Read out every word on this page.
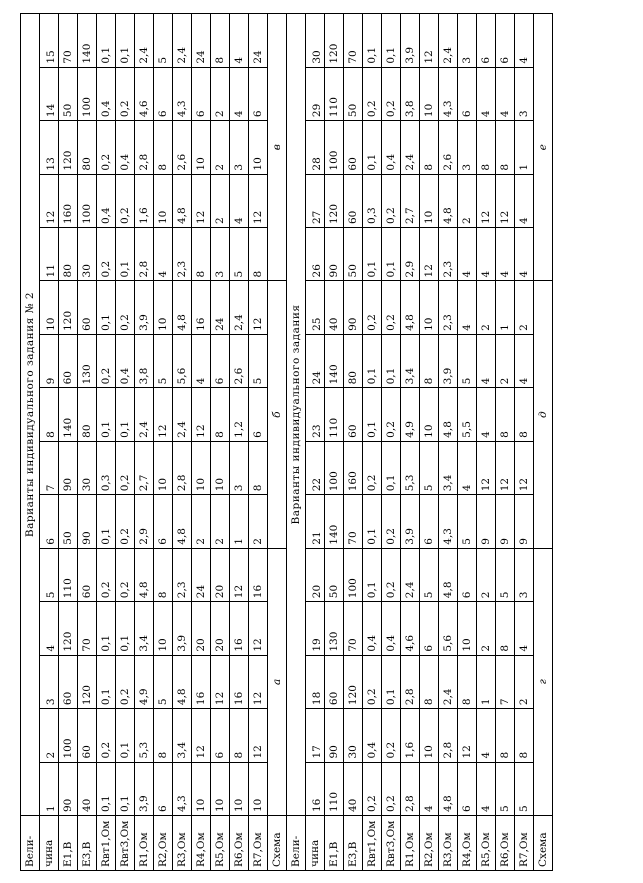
Вели-	Варианты индивидуального задания № 2														
чина	1	2	3	4	5	6	7	8	9	10	11	12	13	14	15
E1,В	90	100	60	120	110	50	90	140	60	120	80	160	120	50	70
E3,В	40	60	120	70	60	90	30	80	130	60	30	100	80	100	140
Rвт1,Ом	0,1	0,2	0,1	0,1	0,2	0,1	0,3	0,1	0,2	0,1	0,2	0,4	0,2	0,4	0,1
Rвт3,Ом	0,1	0,1	0,2	0,1	0,2	0,2	0,2	0,1	0,4	0,2	0,1	0,2	0,4	0,2	0,1
R1,Ом	3,9	5,3	4,9	3,4	4,8	2,9	2,7	2,4	3,8	3,9	2,8	1,6	2,8	4,6	2,4
R2,Ом	6	8	5	10	8	6	10	12	5	10	4	10	8	6	5
R3,Ом	4,3	3,4	4,8	3,9	2,3	4,8	2,8	2,4	5,6	4,8	2,3	4,8	2,6	4,3	2,4
R4,Ом	10	12	16	20	24	2	10	12	4	16	8	12	10	6	24
R5,Ом	10	6	12	20	20	2	10	8	6	24	3	2	2	2	8
R6,Ом	10	8	16	16	12	1	3	1,2	2,6	2,4	5	4	3	4	4
R7,Ом	10	12	12	12	16	2	8	6	5	12	8	12	10	6	24
Схема	а					б					в				
Вели-	Варианты индивидуального задания														
чина	16	17	18	19	20	21	22	23	24	25	26	27	28	29	30
E1,В	110	90	60	130	50	140	100	110	140	40	90	120	100	110	120
E3,В	40	30	120	70	100	70	160	60	80	90	50	60	60	50	70
Rвт1,Ом	0,2	0,4	0,2	0,4	0,1	0,1	0,2	0,1	0,1	0,2	0,1	0,3	0,1	0,2	0,1
Rвт3,Ом	0,2	0,2	0,1	0,4	0,2	0,2	0,1	0,2	0,1	0,2	0,1	0,2	0,4	0,2	0,1
R1,Ом	2,8	1,6	2,8	4,6	2,4	3,9	5,3	4,9	3,4	4,8	2,9	2,7	2,4	3,8	3,9
R2,Ом	4	10	8	6	5	6	5	10	8	10	12	10	8	10	12
R3,Ом	4,8	2,8	2,4	5,6	4,8	4,3	3,4	4,8	3,9	2,3	2,3	4,8	2,6	4,3	2,4
R4,Ом	6	12	8	10	6	5	4	5,5	5	4	4	2	3	6	3
R5,Ом	4	4	1	2	2	9	12	4	4	2	4	12	8	4	6
R6,Ом	5	8	7	8	5	9	12	8	2	1	4	12	8	4	6
R7,Ом	5	8	2	4	3	9	12	8	4	2	4	4	1	3	4
Схема	г					д					е				
